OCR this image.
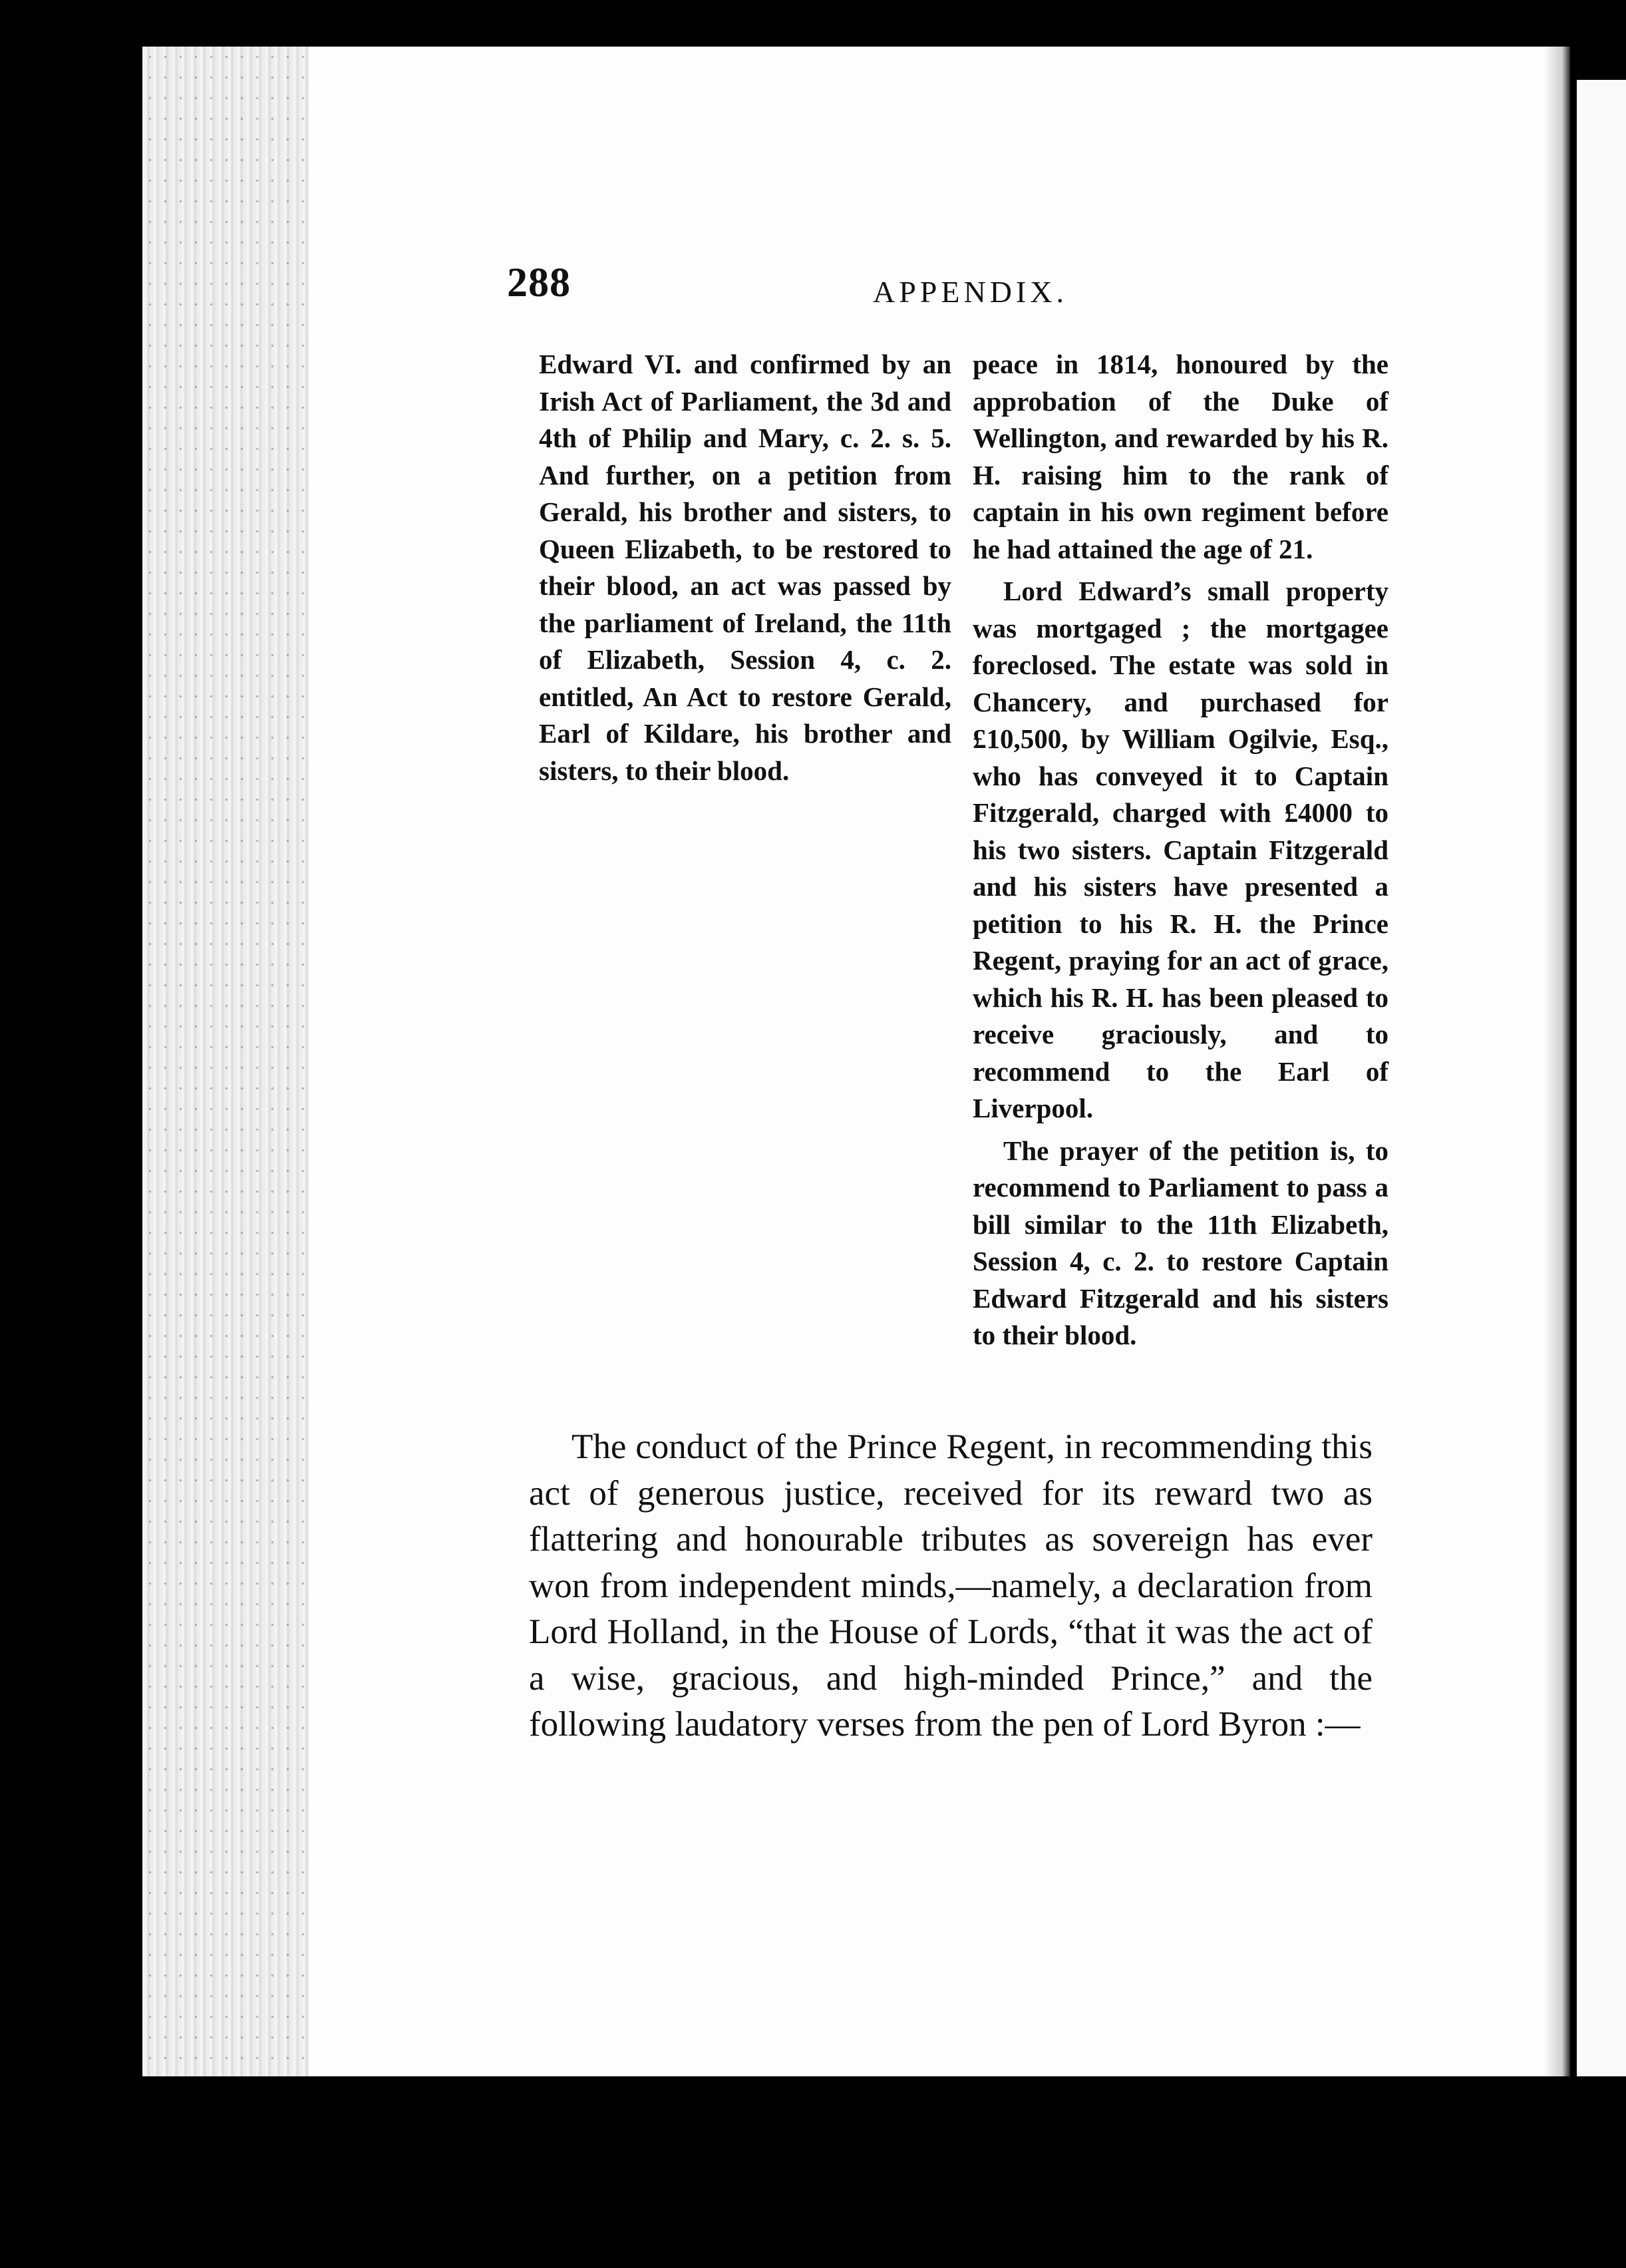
288	APPENDIX.

Edward VI. and confirmed by an Irish Act of Parliament, the 3d and 4th of Philip and Mary, c. 2. s. 5. And further, on a petition from Gerald, his brother and sisters, to Queen Elizabeth, to be restored to their blood, an act was passed by the parliament of Ireland, the 11th of Elizabeth, Session 4, c. 2. entitled, An Act to restore Gerald, Earl of Kildare, his brother and sisters, to their blood.

peace in 1814, honoured by the approbation of the Duke of Wellington, and rewarded by his R. H. raising him to the rank of captain in his own regiment before he had attained the age of 21.

Lord Edward’s small property was mortgaged ; the mortgagee foreclosed. The estate was sold in Chancery, and purchased for £10,500, by William Ogilvie, Esq., who has conveyed it to Captain Fitzgerald, charged with £4000 to his two sisters. Captain Fitzgerald and his sisters have presented a petition to his R. H. the Prince Regent, praying for an act of grace, which his R. H. has been pleased to receive graciously, and to recommend to the Earl of Liverpool.

The prayer of the petition is, to recommend to Parliament to pass a bill similar to the 11th Elizabeth, Session 4, c. 2. to restore Captain Edward Fitzgerald and his sisters to their blood.

The conduct of the Prince Regent, in recommending this act of generous justice, received for its reward two as flattering and honourable tributes as sovereign has ever won from independent minds,—namely, a declaration from Lord Holland, in the House of Lords, “that it was the act of a wise, gracious, and high-minded Prince,” and the following laudatory verses from the pen of Lord Byron :—
